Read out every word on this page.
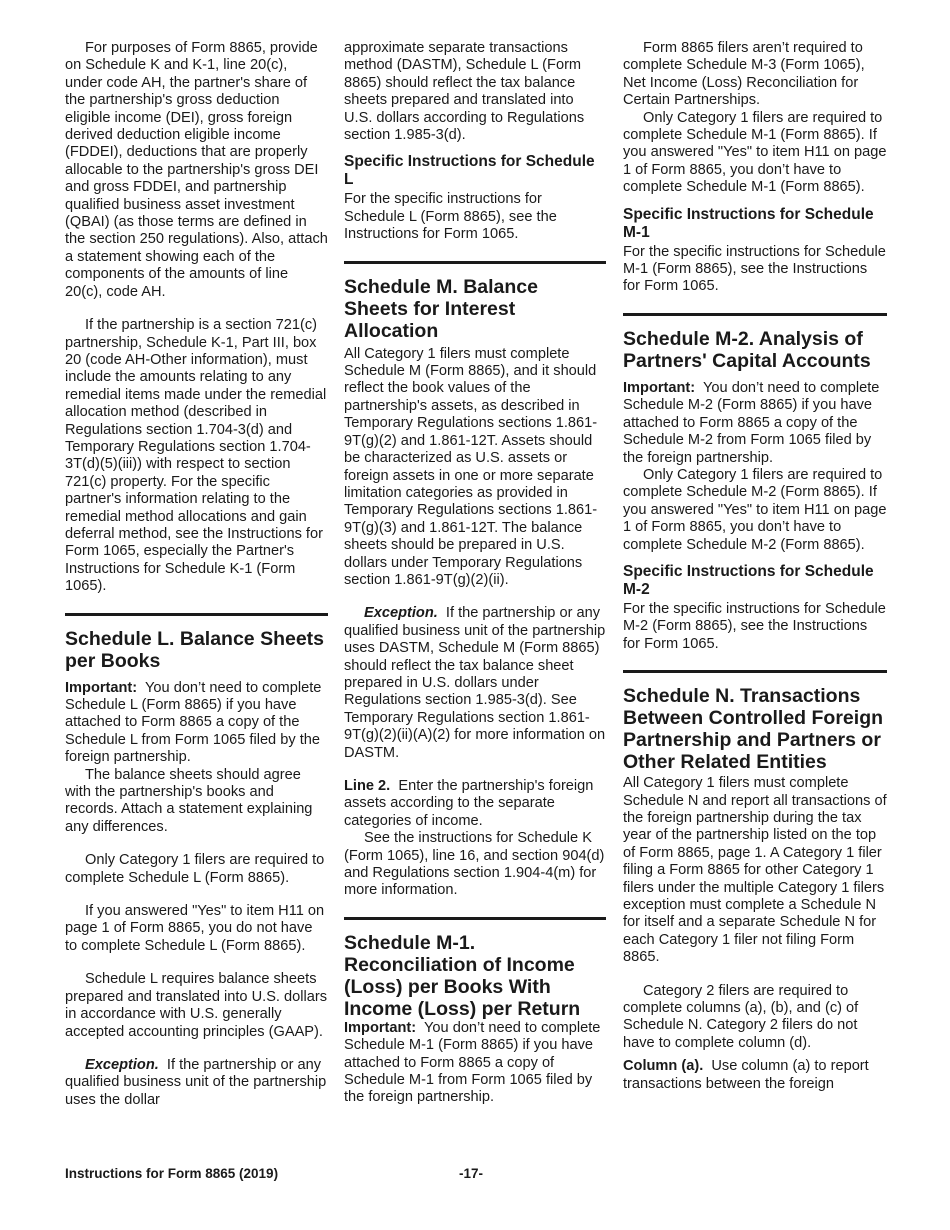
For purposes of Form 8865, provide on Schedule K and K-1, line 20(c), under code AH, the partner's share of the partnership's gross deduction eligible income (DEI), gross foreign derived deduction eligible income (FDDEI), deductions that are properly allocable to the partnership's gross DEI and gross FDDEI, and partnership qualified business asset investment (QBAI) (as those terms are defined in the section 250 regulations). Also, attach a statement showing each of the components of the amounts of line 20(c), code AH.

If the partnership is a section 721(c) partnership, Schedule K-1, Part III, box 20 (code AH-Other information), must include the amounts relating to any remedial items made under the remedial allocation method (described in Regulations section 1.704-3(d) and Temporary Regulations section 1.704-3T(d)(5)(iii)) with respect to section 721(c) property. For the specific partner's information relating to the remedial method allocations and gain deferral method, see the Instructions for Form 1065, especially the Partner's Instructions for Schedule K-1 (Form 1065).

Schedule L. Balance Sheets per Books

Important: You don’t need to complete Schedule L (Form 8865) if you have attached to Form 8865 a copy of the Schedule L from Form 1065 filed by the foreign partnership.

The balance sheets should agree with the partnership's books and records. Attach a statement explaining any differences.

Only Category 1 filers are required to complete Schedule L (Form 8865).

If you answered "Yes" to item H11 on page 1 of Form 8865, you do not have to complete Schedule L (Form 8865).

Schedule L requires balance sheets prepared and translated into U.S. dollars in accordance with U.S. generally accepted accounting principles (GAAP).

Exception. If the partnership or any qualified business unit of the partnership uses the dollar

approximate separate transactions method (DASTM), Schedule L (Form 8865) should reflect the tax balance sheets prepared and translated into U.S. dollars according to Regulations section 1.985-3(d).

Specific Instructions for Schedule L

For the specific instructions for Schedule L (Form 8865), see the Instructions for Form 1065.

Schedule M. Balance Sheets for Interest Allocation

All Category 1 filers must complete Schedule M (Form 8865), and it should reflect the book values of the partnership's assets, as described in Temporary Regulations sections 1.861-9T(g)(2) and 1.861-12T. Assets should be characterized as U.S. assets or foreign assets in one or more separate limitation categories as provided in Temporary Regulations sections 1.861-9T(g)(3) and 1.861-12T. The balance sheets should be prepared in U.S. dollars under Temporary Regulations section 1.861-9T(g)(2)(ii).

Exception. If the partnership or any qualified business unit of the partnership uses DASTM, Schedule M (Form 8865) should reflect the tax balance sheet prepared in U.S. dollars under Regulations section 1.985-3(d). See Temporary Regulations section 1.861-9T(g)(2)(ii)(A)(2) for more information on DASTM.

Line 2. Enter the partnership's foreign assets according to the separate categories of income.

See the instructions for Schedule K (Form 1065), line 16, and section 904(d) and Regulations section 1.904-4(m) for more information.

Schedule M-1. Reconciliation of Income (Loss) per Books With Income (Loss) per Return

Important: You don’t need to complete Schedule M-1 (Form 8865) if you have attached to Form 8865 a copy of Schedule M-1 from Form 1065 filed by the foreign partnership.

Form 8865 filers aren’t required to complete Schedule M-3 (Form 1065), Net Income (Loss) Reconciliation for Certain Partnerships.

Only Category 1 filers are required to complete Schedule M-1 (Form 8865). If you answered "Yes" to item H11 on page 1 of Form 8865, you don’t have to complete Schedule M-1 (Form 8865).

Specific Instructions for Schedule M-1

For the specific instructions for Schedule M-1 (Form 8865), see the Instructions for Form 1065.

Schedule M-2. Analysis of Partners' Capital Accounts

Important: You don’t need to complete Schedule M-2 (Form 8865) if you have attached to Form 8865 a copy of the Schedule M-2 from Form 1065 filed by the foreign partnership.

Only Category 1 filers are required to complete Schedule M-2 (Form 8865). If you answered "Yes" to item H11 on page 1 of Form 8865, you don’t have to complete Schedule M-2 (Form 8865).

Specific Instructions for Schedule M-2

For the specific instructions for Schedule M-2 (Form 8865), see the Instructions for Form 1065.

Schedule N. Transactions Between Controlled Foreign Partnership and Partners or Other Related Entities

All Category 1 filers must complete Schedule N and report all transactions of the foreign partnership during the tax year of the partnership listed on the top of Form 8865, page 1. A Category 1 filer filing a Form 8865 for other Category 1 filers under the multiple Category 1 filers exception must complete a Schedule N for itself and a separate Schedule N for each Category 1 filer not filing Form 8865.

Category 2 filers are required to complete columns (a), (b), and (c) of Schedule N. Category 2 filers do not have to complete column (d).

Column (a). Use column (a) to report transactions between the foreign

Instructions for Form 8865 (2019)	-17-
